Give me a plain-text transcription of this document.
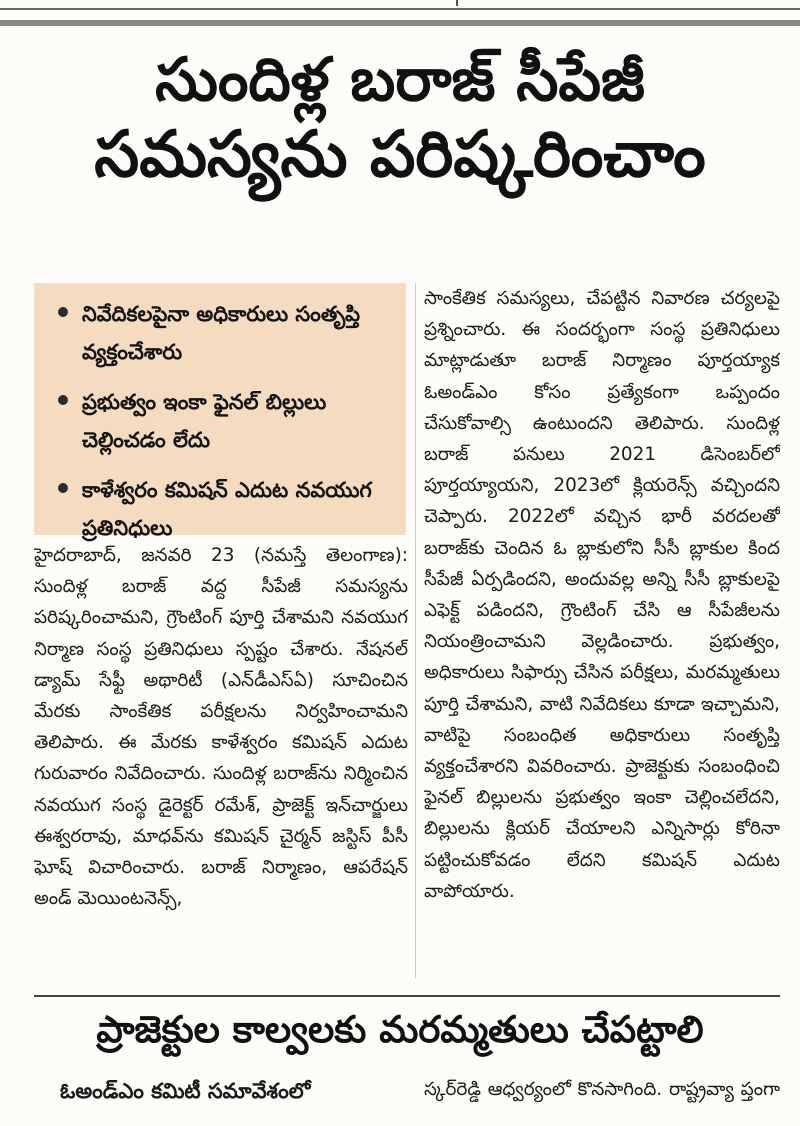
సుందిళ్ల బరాజ్ సీపేజీ
సమస్యను పరిష్కరించాం
నివేదికలపైనా అధికారులు సంతృప్తి వ్యక్తంచేశారు
ప్రభుత్వం ఇంకా ఫైనల్ బిల్లులు చెల్లించడం లేదు
కాళేశ్వరం కమిషన్ ఎదుట నవయుగ ప్రతినిధులు

హైదరాబాద్, జనవరి 23 (నమస్తే తెలంగాణ): సుందిళ్ల బరాజ్ వద్ద సీపేజీ సమస్యను పరిష్కరించామని, గ్రౌంటింగ్ పూర్తి చేశామని నవయుగ నిర్మాణ సంస్థ ప్రతినిధులు స్పష్టం చేశారు. నేషనల్ డ్యామ్ సేఫ్టీ అథారిటీ (ఎన్‌డీఎస్ఏ) సూచించిన మేరకు సాంకేతిక పరీక్షలను నిర్వహించామని తెలిపారు. ఈ మేరకు కాళేశ్వరం కమిషన్ ఎదుట గురువారం నివేదించారు. సుందిళ్ల బరాజ్‌ను నిర్మించిన నవయుగ సంస్థ డైరెక్టర్ రమేశ్, ప్రాజెక్ట్ ఇన్‌చార్జులు ఈశ్వరరావు, మాధవ్‌ను కమిషన్ చైర్మన్ జస్టిస్ పీసీ ఘోష్ విచారించారు. బరాజ్ నిర్మాణం, ఆపరేషన్ అండ్ మెయింటనెన్స్,

సాంకేతిక సమస్యలు, చేపట్టిన నివారణ చర్యలపై ప్రశ్నించారు. ఈ సందర్భంగా సంస్థ ప్రతినిధులు మాట్లాడుతూ బరాజ్ నిర్మాణం పూర్తయ్యాక ఓఅండ్ఎం కోసం ప్రత్యేకంగా ఒప్పందం చేసుకోవాల్సి ఉంటుందని తెలిపారు. సుందిళ్ల బరాజ్ పనులు 2021 డిసెంబర్‌లో పూర్తయ్యాయని, 2023లో క్లియరెన్స్ వచ్చిందని చెప్పారు. 2022లో వచ్చిన భారీ వరదలతో బరాజ్‌కు చెందిన ఓ బ్లాకులోని సీసీ బ్లాకుల కింద సీపేజీ ఏర్పడిందని, అందువల్ల అన్ని సీసీ బ్లాకులపై ఎఫెక్ట్ పడిందని, గ్రౌంటింగ్ చేసి ఆ సీపేజీలను నియంత్రించామని వెల్లడించారు. ప్రభుత్వం, అధికారులు సిఫార్సు చేసిన పరీక్షలు, మరమ్మతులు పూర్తి చేశామని, వాటి నివేదికలు కూడా ఇచ్చామని, వాటిపై సంబంధిత అధికారులు సంతృప్తి వ్యక్తంచేశారని వివరించారు. ప్రాజెక్టుకు సంబంధించి ఫైనల్ బిల్లులను ప్రభుత్వం ఇంకా చెల్లించలేదని, బిల్లులను క్లియర్ చేయాలని ఎన్నిసార్లు కోరినా పట్టించుకోవడం లేదని కమిషన్ ఎదుట వాపోయారు.

ప్రాజెక్టుల కాల్వలకు మరమ్మతులు చేపట్టాలి
ఓఅండ్ఎం కమిటీ సమావేశంలో	స్కర్‌రెడ్డి ఆధ్వర్యంలో కొనసాగింది. రాష్ట్రవ్యా ప్తంగా
